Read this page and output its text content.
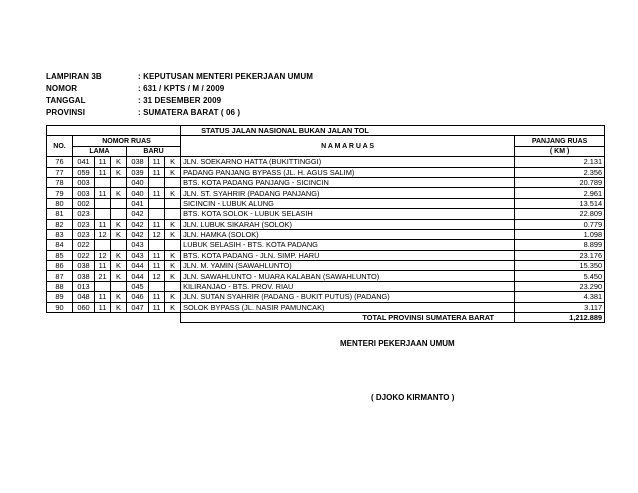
LAMPIRAN 3B	: KEPUTUSAN MENTERI PEKERJAAN UMUM
NOMOR	: 631 / KPTS / M / 2009
TANGGAL	: 31 DESEMBER 2009
PROVINSI	: SUMATERA BARAT ( 06 )
							STATUS JALAN NASIONAL BUKAN JALAN TOL	
NO.	NOMOR RUAS						N A M A R U A S	PANJANG RUAS
	LAMA			BARU				( KM )
76	041	11	K	038	11	K	JLN. SOEKARNO HATTA (BUKITTINGGI)	2.131
77	059	11	K	039	11	K	PADANG PANJANG BYPASS (JL. H. AGUS SALIM)	2.356
78	003			040			BTS. KOTA PADANG PANJANG - SICINCIN	20.789
79	003	11	K	040	11	K	JLN. ST. SYAHRIR (PADANG PANJANG)	2.961
80	002			041			SICINCIN - LUBUK ALUNG	13.514
81	023			042			BTS. KOTA SOLOK - LUBUK SELASIH	22.809
82	023	11	K	042	11	K	JLN. LUBUK SIKARAH (SOLOK)	0.779
83	023	12	K	042	12	K	JLN. HAMKA (SOLOK)	1.098
84	022			043			LUBUK SELASIH - BTS. KOTA PADANG	8.899
85	022	12	K	043	11	K	BTS. KOTA PADANG - JLN. SIMP. HARU	23.176
86	038	11	K	044	11	K	JLN. M. YAMIN (SAWAHLUNTO)	15.350
87	038	21	K	044	12	K	JLN. SAWAHLUNTO - MUARA KALABAN (SAWAHLUNTO)	5.450
88	013			045			KILIRANJAO - BTS. PROV. RIAU	23.290
89	048	11	K	046	11	K	JLN. SUTAN SYAHRIR (PADANG - BUKIT PUTUS) (PADANG)	4.381
90	060	11	K	047	11	K	SOLOK BYPASS (JL. NASIR PAMUNCAK)	3.117
							TOTAL PROVINSI SUMATERA BARAT	1,212.889
MENTERI PEKERJAAN UMUM
( DJOKO KIRMANTO )
